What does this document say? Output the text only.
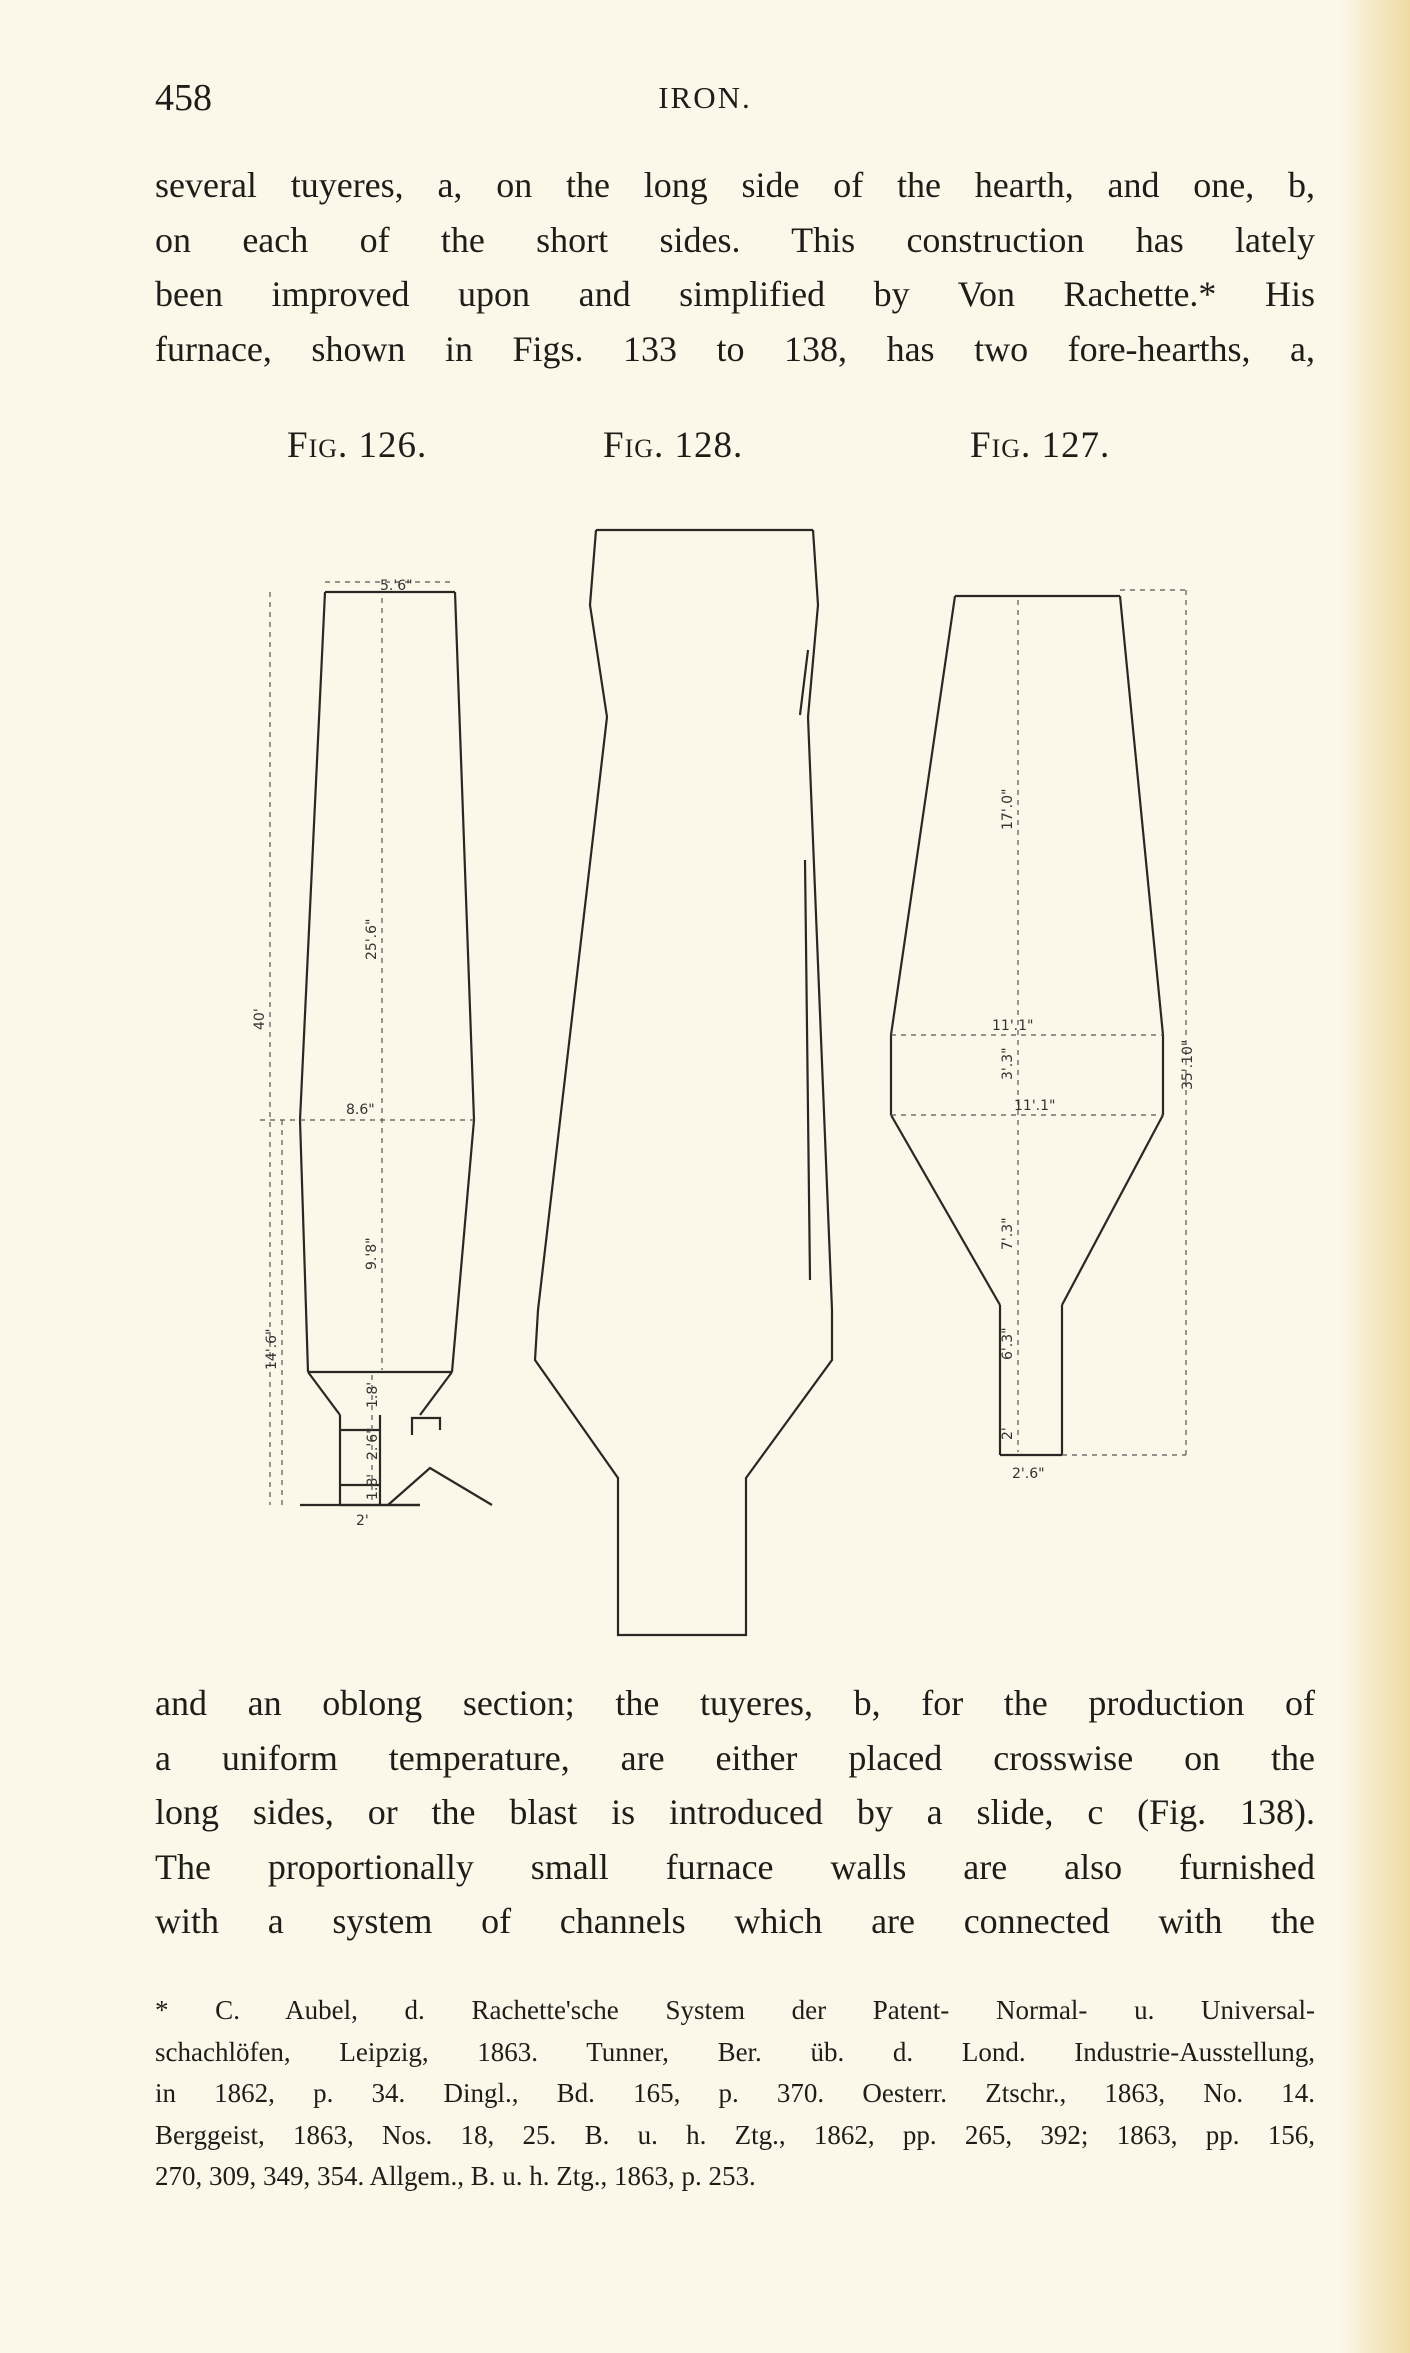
458	IRON.
several tuyeres, a, on the long side of the hearth, and one, b,
on each of the short sides. This construction has lately
been improved upon and simplified by Von Rachette.* His
furnace, shown in Figs. 133 to 138, has two fore-hearths, a,
Fig. 126.	Fig. 128.	Fig. 127.
5.'6"
40'
25'.6"
8.6"
9.'8"
14'.6"
1.8'
2.'6"
1.8'
2'
17'.0"
11'.1"
3'.3"
11'.1"
7'.3"
6'.3"
35'.10"
2'
2'.6"
and an oblong section; the tuyeres, b, for the production of
a uniform temperature, are either placed crosswise on the
long sides, or the blast is introduced by a slide, c (Fig. 138).
The proportionally small furnace walls are also furnished
with a system of channels which are connected with the
* C. Aubel, d. Rachette'sche System der Patent- Normal- u. Universal-
schachlöfen, Leipzig, 1863. Tunner, Ber. üb. d. Lond. Industrie-Ausstellung,
in 1862, p. 34. Dingl., Bd. 165, p. 370. Oesterr. Ztschr., 1863, No. 14.
Berggeist, 1863, Nos. 18, 25. B. u. h. Ztg., 1862, pp. 265, 392; 1863, pp. 156,
270, 309, 349, 354. Allgem., B. u. h. Ztg., 1863, p. 253.
